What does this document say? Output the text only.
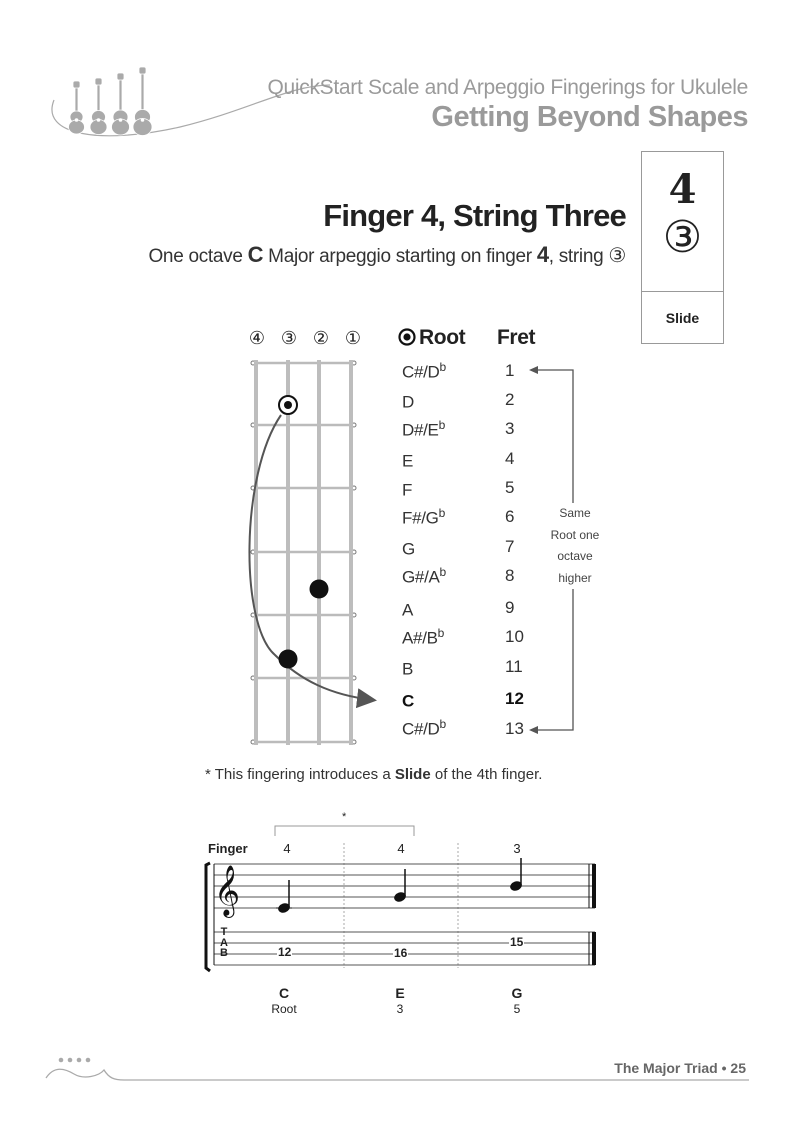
QuickStart Scale and Arpeggio Fingerings for Ukulele
Getting Beyond Shapes
4
③
Slide
Finger 4, String Three
One octave C Major arpeggio starting on finger 4, string ③
④ ③ ② ①	Root Fret
$C\#/D^b$	1
D	2
$D\#/E^b$	3
E	4
F	5
$F\#/G^b$	6
G	7
$G\#/A^b$	8
A	9
$A\#/B^b$	10
B	11
C	12
$C\#/D^b$	13
Same
Root one
octave
higher
* This fingering introduces a Slide of the 4th finger.
Finger	4	4	3
𝄞
*
T
A
B	12	16
15
C
Root
E
3
G
5
The Major Triad • 25
